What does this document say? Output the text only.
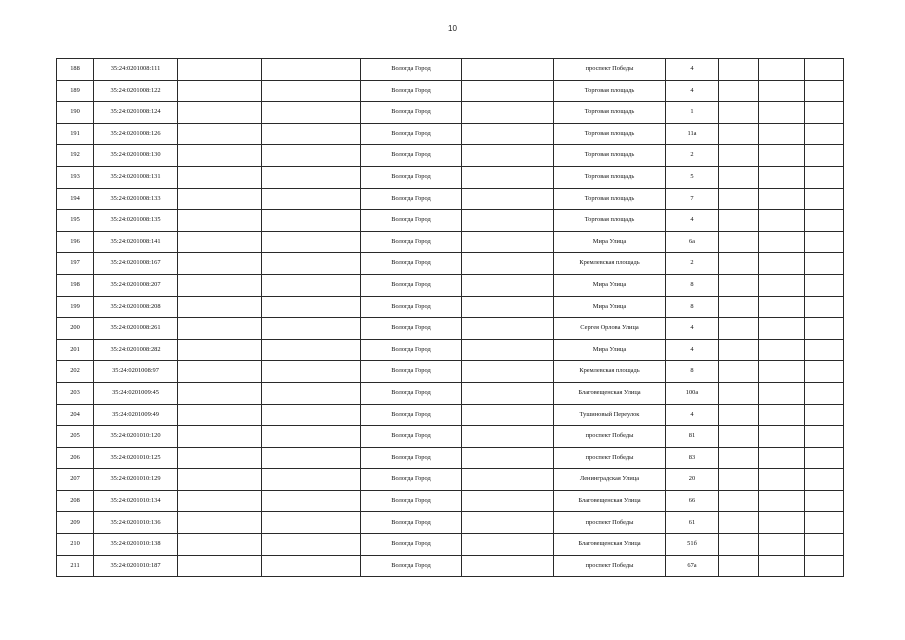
10
188	35:24:0201008:111			Вологда Город		проспект Победы	4			
189	35:24:0201008:122			Вологда Город		Торговая площадь	4			
190	35:24:0201008:124			Вологда Город		Торговая площадь	1			
191	35:24:0201008:126			Вологда Город		Торговая площадь	11а			
192	35:24:0201008:130			Вологда Город		Торговая площадь	2			
193	35:24:0201008:131			Вологда Город		Торговая площадь	5			
194	35:24:0201008:133			Вологда Город		Торговая площадь	7			
195	35:24:0201008:135			Вологда Город		Торговая площадь	4			
196	35:24:0201008:141			Вологда Город		Мира Улица	6а			
197	35:24:0201008:167			Вологда Город		Кремлевская площадь	2			
198	35:24:0201008:207			Вологда Город		Мира Улица	8			
199	35:24:0201008:208			Вологда Город		Мира Улица	8			
200	35:24:0201008:261			Вологда Город		Сергея Орлова Улица	4			
201	35:24:0201008:282			Вологда Город		Мира Улица	4			
202	35:24:0201008:97			Вологда Город		Кремлевская площадь	8			
203	35:24:0201009:45			Вологда Город		Благовещенская Улица	100а			
204	35:24:0201009:49			Вологда Город		Тушиновый Переулок	4			
205	35:24:0201010:120			Вологда Город		проспект Победы	81			
206	35:24:0201010:125			Вологда Город		проспект Победы	83			
207	35:24:0201010:129			Вологда Город		Ленинградская Улица	20			
208	35:24:0201010:134			Вологда Город		Благовещенская Улица	66			
209	35:24:0201010:136			Вологда Город		проспект Победы	61			
210	35:24:0201010:138			Вологда Город		Благовещенская Улица	51б			
211	35:24:0201010:187			Вологда Город		проспект Победы	67а			
